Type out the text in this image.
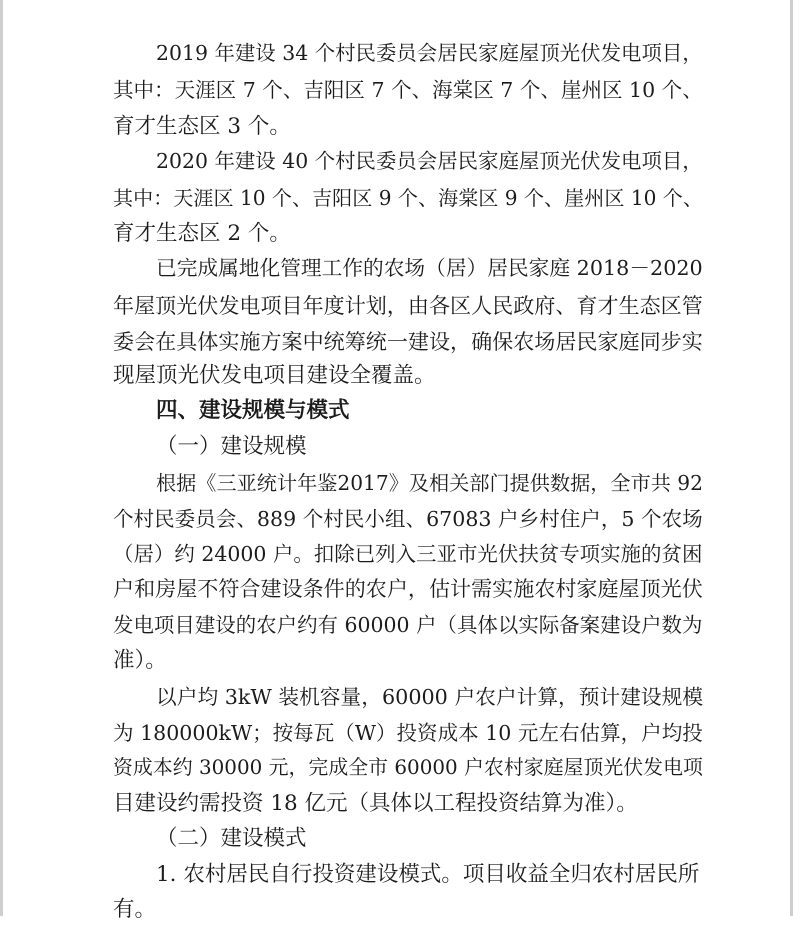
2019 年建设 34 个村民委员会居民家庭屋顶光伏发电项目，
其中：天涯区 7 个、吉阳区 7 个、海棠区 7 个、崖州区 10 个、
育才生态区 3 个。
2020 年建设 40 个村民委员会居民家庭屋顶光伏发电项目，
其中：天涯区 10 个、吉阳区 9 个、海棠区 9 个、崖州区 10 个、
育才生态区 2 个。
已完成属地化管理工作的农场（居）居民家庭 2018－2020
年屋顶光伏发电项目年度计划，由各区人民政府、育才生态区管
委会在具体实施方案中统筹统一建设，确保农场居民家庭同步实
现屋顶光伏发电项目建设全覆盖。
四、建设规模与模式
（一）建设规模
根据《三亚统计年鉴2017》及相关部门提供数据，全市共 92
个村民委员会、889 个村民小组、67083 户乡村住户，5 个农场
（居）约 24000 户。扣除已列入三亚市光伏扶贫专项实施的贫困
户和房屋不符合建设条件的农户，估计需实施农村家庭屋顶光伏
发电项目建设的农户约有 60000 户（具体以实际备案建设户数为
准）。
以户均 3kW 装机容量，60000 户农户计算，预计建设规模
为 180000kW；按每瓦（W）投资成本 10 元左右估算，户均投
资成本约 30000 元，完成全市 60000 户农村家庭屋顶光伏发电项
目建设约需投资 18 亿元（具体以工程投资结算为准）。
（二）建设模式
1. 农村居民自行投资建设模式。项目收益全归农村居民所
有。
